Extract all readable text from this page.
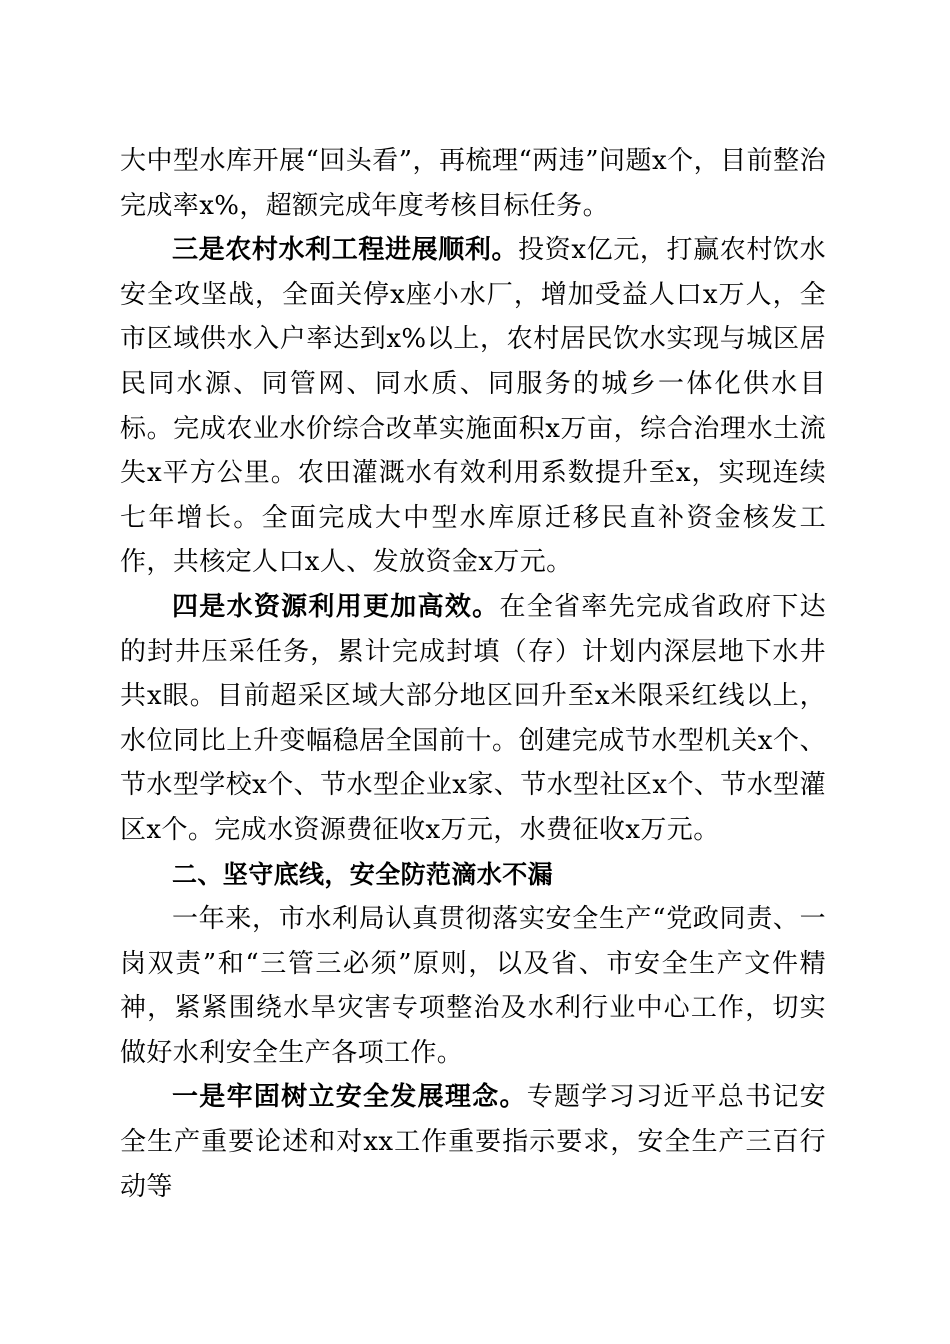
大中型水库开展“回头看”，再梳理“两违”问题x个，目前整治完成率x%，超额完成年度考核目标任务。

三是农村水利工程进展顺利。投资x亿元，打赢农村饮水安全攻坚战，全面关停x座小水厂，增加受益人口x万人，全市区域供水入户率达到x%以上，农村居民饮水实现与城区居民同水源、同管网、同水质、同服务的城乡一体化供水目标。完成农业水价综合改革实施面积x万亩，综合治理水土流失x平方公里。农田灌溉水有效利用系数提升至x，实现连续七年增长。全面完成大中型水库原迁移民直补资金核发工作，共核定人口x人、发放资金x万元。

四是水资源利用更加高效。在全省率先完成省政府下达的封井压采任务，累计完成封填（存）计划内深层地下水井共x眼。目前超采区域大部分地区回升至x米限采红线以上，水位同比上升变幅稳居全国前十。创建完成节水型机关x个、节水型学校x个、节水型企业x家、节水型社区x个、节水型灌区x个。完成水资源费征收x万元，水费征收x万元。

二、坚守底线，安全防范滴水不漏

一年来，市水利局认真贯彻落实安全生产“党政同责、一岗双责”和“三管三必须”原则，以及省、市安全生产文件精神，紧紧围绕水旱灾害专项整治及水利行业中心工作，切实做好水利安全生产各项工作。

一是牢固树立安全发展理念。专题学习习近平总书记安全生产重要论述和对xx工作重要指示要求，安全生产三百行动等
